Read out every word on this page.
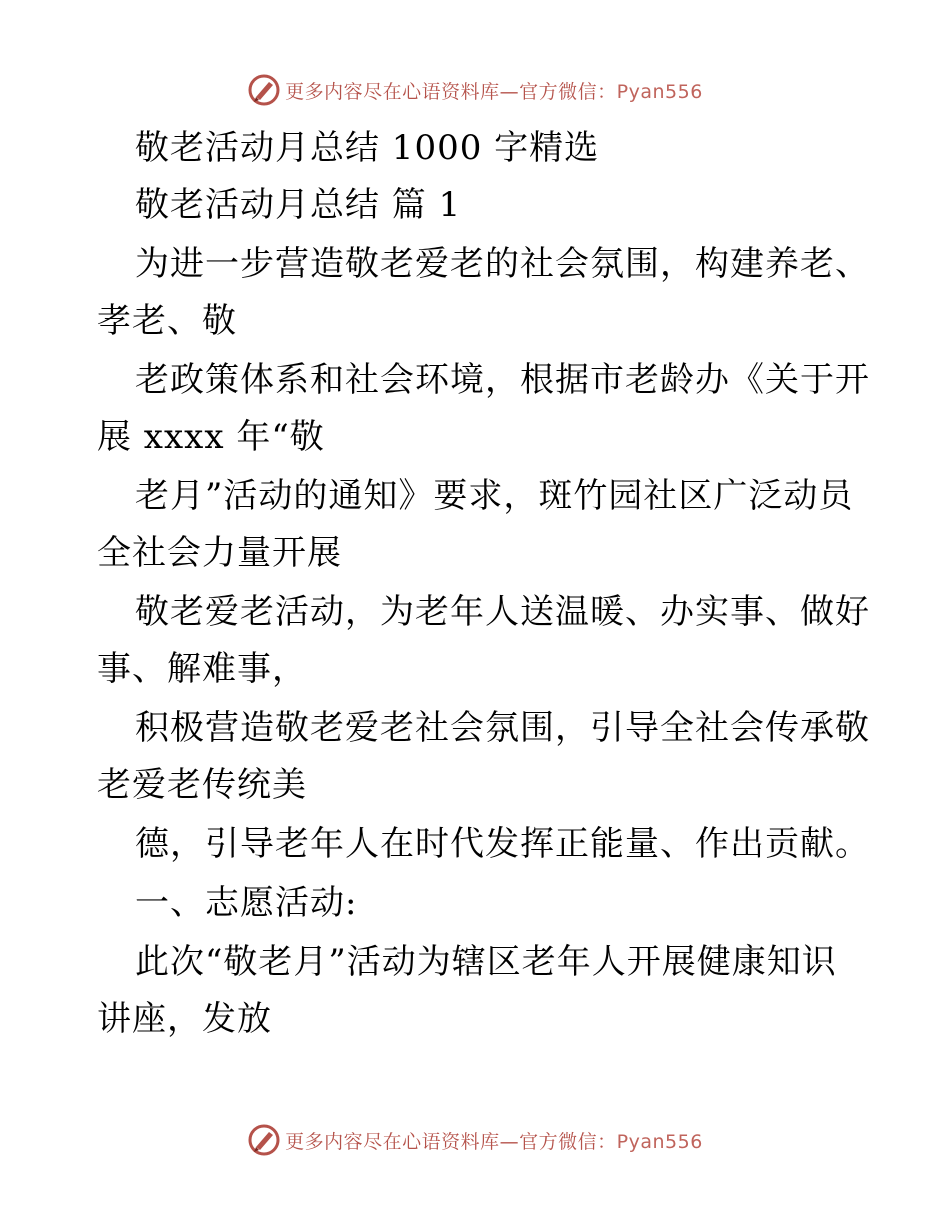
更多内容尽在心语资料库—官方微信：Pyan556
敬老活动月总结 1000 字精选
敬老活动月总结 篇 1
为进一步营造敬老爱老的社会氛围，构建养老、
孝老、敬
老政策体系和社会环境，根据市老龄办《关于开
展 xxxx 年“敬
老月”活动的通知》要求，斑竹园社区广泛动员
全社会力量开展
敬老爱老活动，为老年人送温暖、办实事、做好
事、解难事，
积极营造敬老爱老社会氛围，引导全社会传承敬
老爱老传统美
德，引导老年人在时代发挥正能量、作出贡献。
一、志愿活动:
此次“敬老月”活动为辖区老年人开展健康知识
讲座，发放
更多内容尽在心语资料库—官方微信：Pyan556
